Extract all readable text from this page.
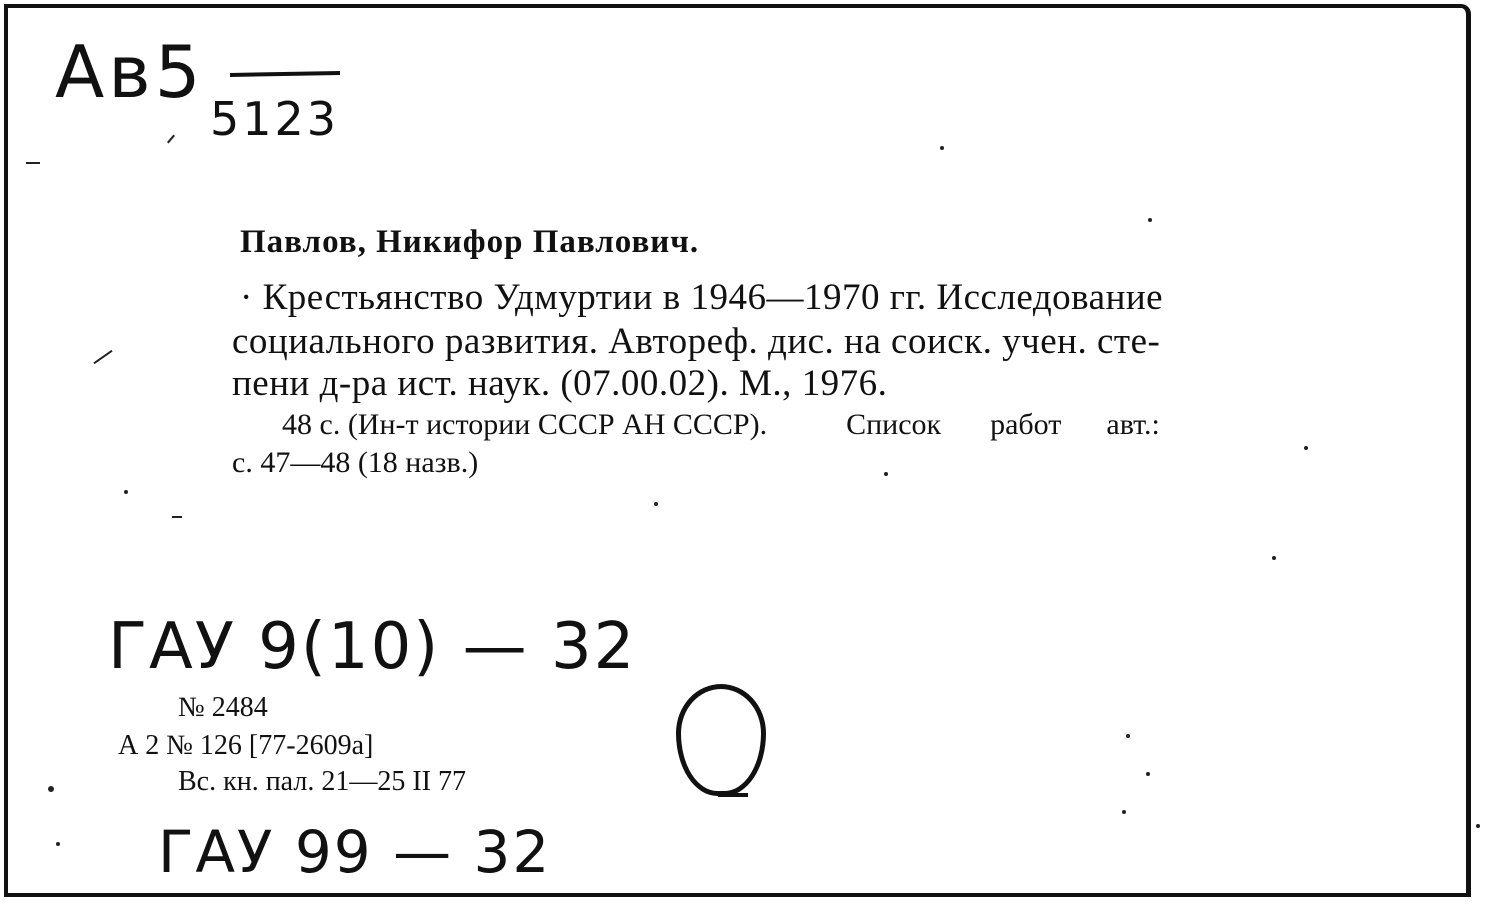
Ав5
5123
Павлов, Никифор Павлович.
· Крестьянство Удмуртии в 1946—1970 гг. Исследование
социального развития. Автореф. дис. на соиск. учен. сте-
пени д-ра ист. наук. (07.00.02). М., 1976.
48 с. (Ин-т истории СССР АН СССР).	Список работ авт.:
с. 47—48 (18 назв.)
ГАУ 9(10) — 32
№ 2484
А 2 № 126 [77-2609а]
Вс. кн. пал. 21—25 II 77
ГАУ 99 — 32
